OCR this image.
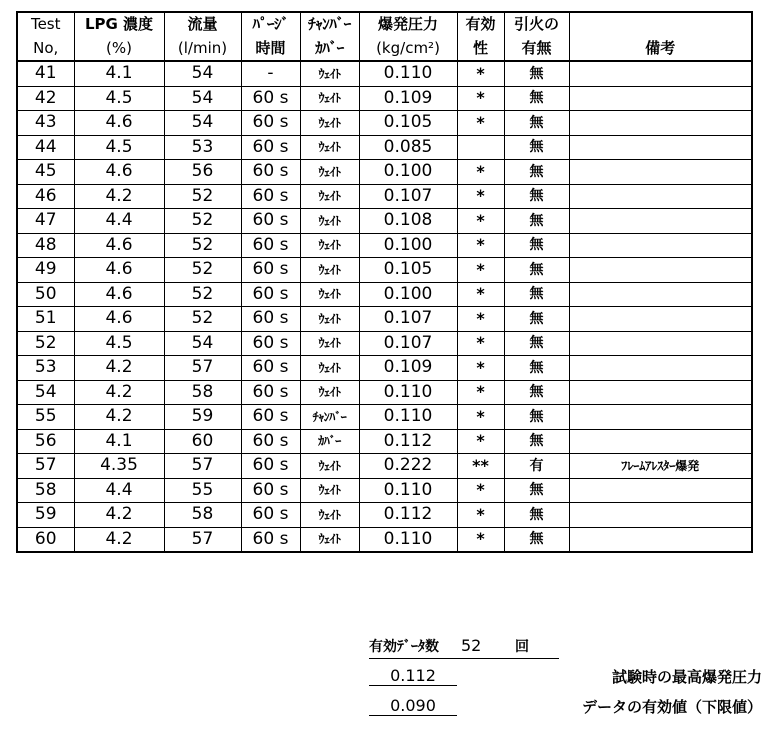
Test	LPG 濃度	流量	ﾊﾟｰｼﾞ	ﾁｬﾝﾊﾞｰ	爆発圧力	有効	引火の	
No,	(%)	(l/min)	時間	ｶﾊﾞｰ	(kg/cm²)	性	有無	備考
41	4.1	54	-	ｳｪｲﾄ	0.110	*	無	
42	4.5	54	60 s	ｳｪｲﾄ	0.109	*	無	
43	4.6	54	60 s	ｳｪｲﾄ	0.105	*	無	
44	4.5	53	60 s	ｳｪｲﾄ	0.085		無	
45	4.6	56	60 s	ｳｪｲﾄ	0.100	*	無	
46	4.2	52	60 s	ｳｪｲﾄ	0.107	*	無	
47	4.4	52	60 s	ｳｪｲﾄ	0.108	*	無	
48	4.6	52	60 s	ｳｪｲﾄ	0.100	*	無	
49	4.6	52	60 s	ｳｪｲﾄ	0.105	*	無	
50	4.6	52	60 s	ｳｪｲﾄ	0.100	*	無	
51	4.6	52	60 s	ｳｪｲﾄ	0.107	*	無	
52	4.5	54	60 s	ｳｪｲﾄ	0.107	*	無	
53	4.2	57	60 s	ｳｪｲﾄ	0.109	*	無	
54	4.2	58	60 s	ｳｪｲﾄ	0.110	*	無	
55	4.2	59	60 s	ﾁｬﾝﾊﾞｰ	0.110	*	無	
56	4.1	60	60 s	ｶﾊﾞｰ	0.112	*	無	
57	4.35	57	60 s	ｳｪｲﾄ	0.222	**	有	ﾌﾚｰﾑｱﾚｽﾀｰ爆発
58	4.4	55	60 s	ｳｪｲﾄ	0.110	*	無	
59	4.2	58	60 s	ｳｪｲﾄ	0.112	*	無	
60	4.2	57	60 s	ｳｪｲﾄ	0.110	*	無	
有効ﾃﾞｰﾀ数 52 回
0.112	試験時の最高爆発圧力
0.090	データの有効値（下限値）
